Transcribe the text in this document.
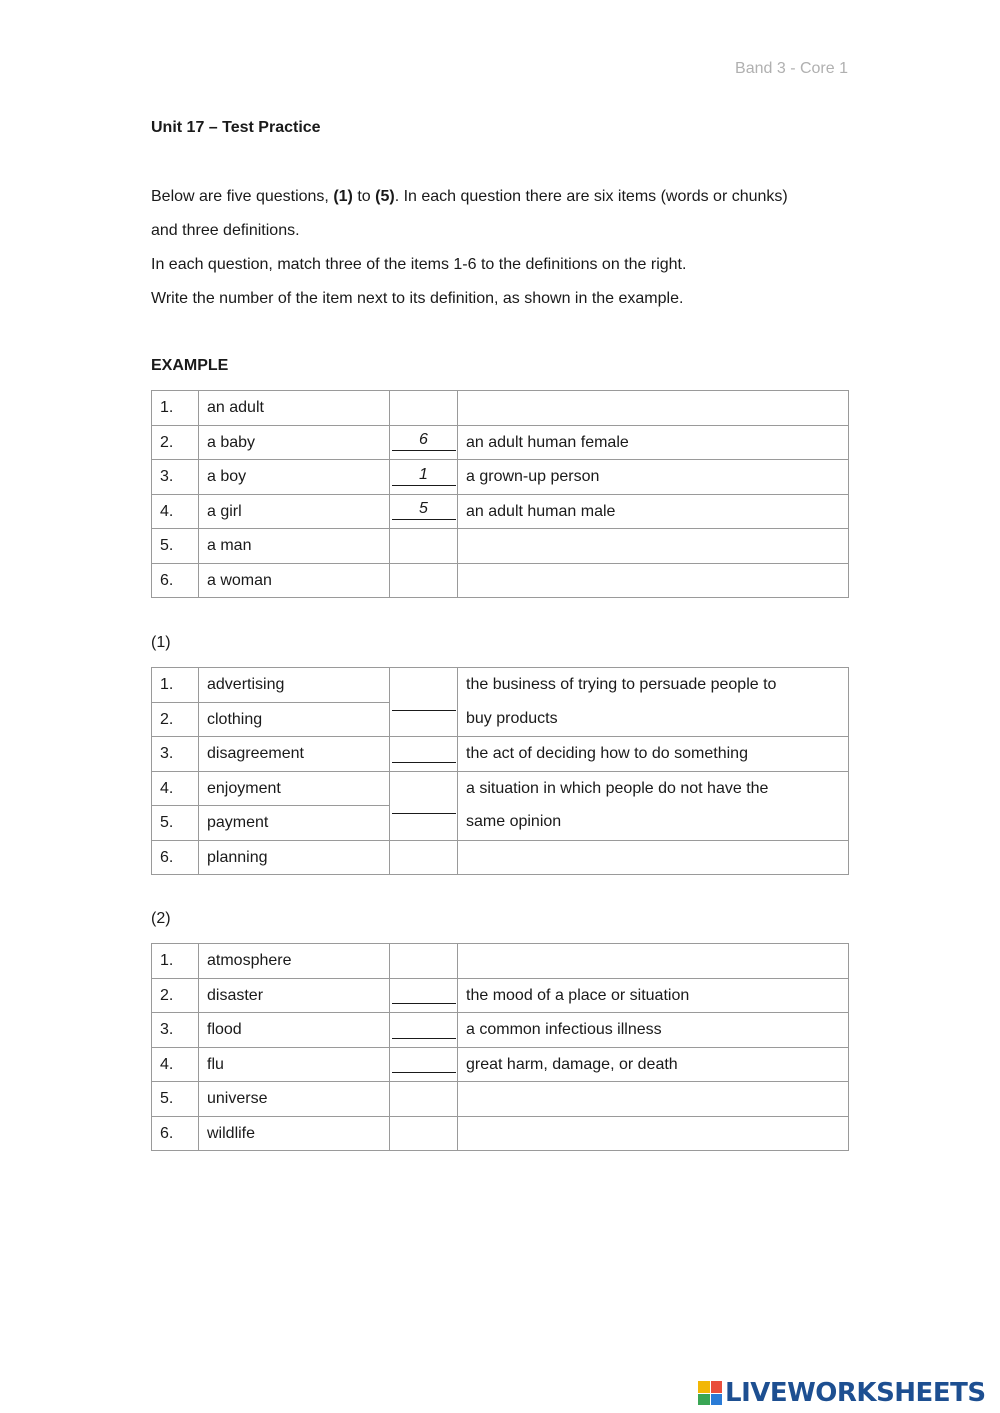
Band 3 - Core 1
Unit 17 – Test Practice

Below are five questions, (1) to (5). In each question there are six items (words or chunks)

and three definitions.

In each question, match three of the items 1-6 to the definitions on the right.

Write the number of the item next to its definition, as shown in the example.

EXAMPLE
1.	an adult		
2.	a baby	6	an adult human female
3.	a boy	1	a grown-up person
4.	a girl	5	an adult human male
5.	a man		
6.	a woman		
(1)
1.	advertising		the business of trying to persuade people to
buy products
2.	clothing		
3.	disagreement		the act of deciding how to do something
4.	enjoyment		a situation in which people do not have the
same opinion
5.	payment		
6.	planning		
(2)
1.	atmosphere		
2.	disaster		the mood of a place or situation
3.	flood		a common infectious illness
4.	flu		great harm, damage, or death
5.	universe		
6.	wildlife		
LIVEWORKSHEETS
